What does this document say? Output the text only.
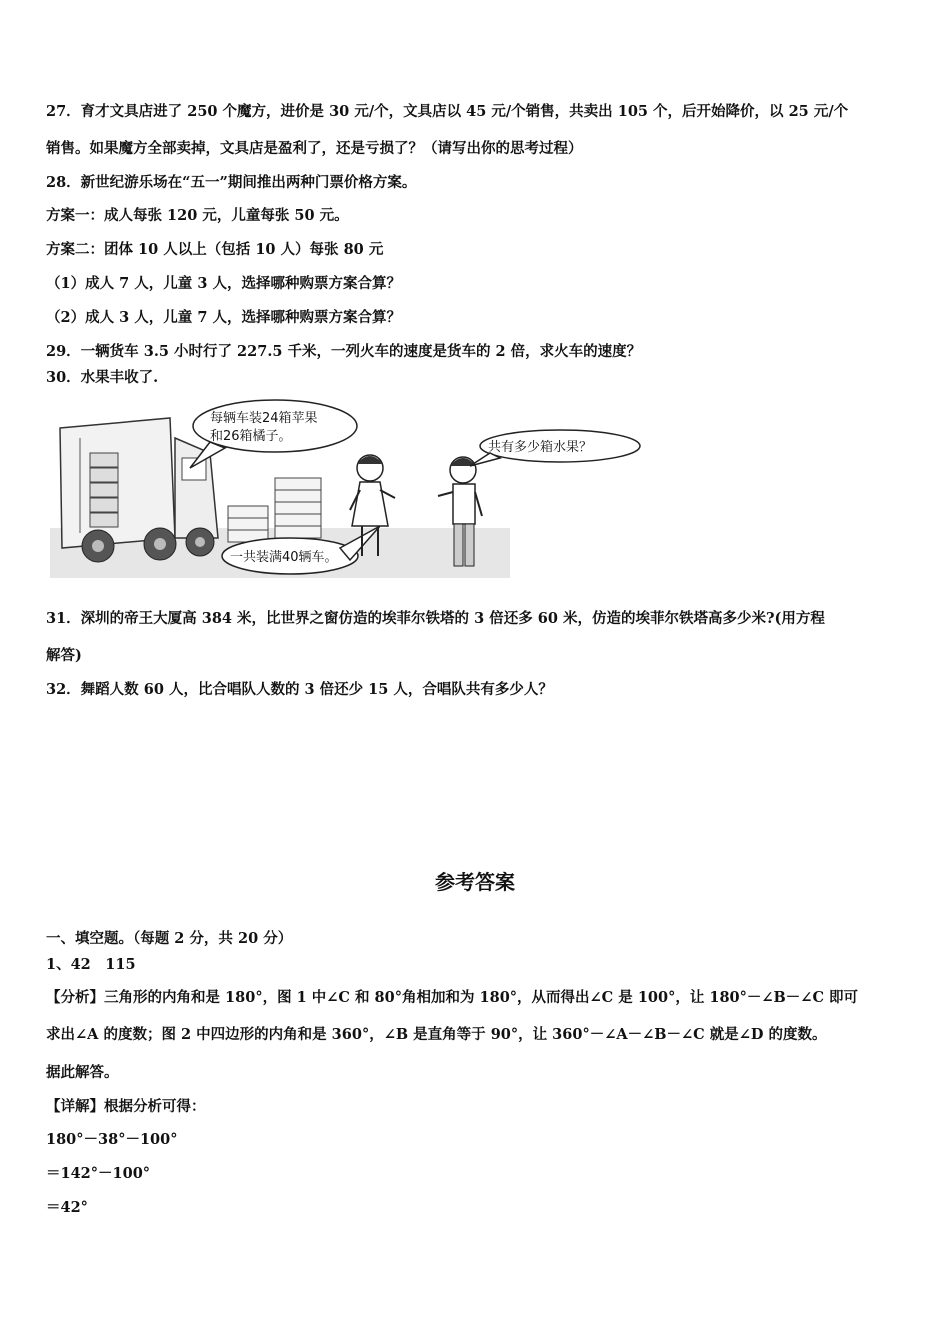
27．育才文具店进了 250 个魔方，进价是 30 元/个，文具店以 45 元/个销售，共卖出 105 个，后开始降价，以 25 元/个
销售。如果魔方全部卖掉，文具店是盈利了，还是亏损了？（请写出你的思考过程）
28．新世纪游乐场在“五一”期间推出两种门票价格方案。
方案一：成人每张 120 元，儿童每张 50 元。
方案二：团体 10 人以上（包括 10 人）每张 80 元
（1）成人 7 人，儿童 3 人，选择哪种购票方案合算？
（2）成人 3 人，儿童 7 人，选择哪种购票方案合算？
29．一辆货车 3.5 小时行了 227.5 千米，一列火车的速度是货车的 2 倍，求火车的速度？
30．水果丰收了.
每辆车装24箱苹果
和26箱橘子。
一共装满40辆车。
共有多少箱水果？
31．深圳的帝王大厦高 384 米，比世界之窗仿造的埃菲尔铁塔的 3 倍还多 60 米，仿造的埃菲尔铁塔高多少米?(用方程
解答)
32．舞蹈人数 60 人，比合唱队人数的 3 倍还少 15 人，合唱队共有多少人？
参考答案
一、填空题。（每题 2 分，共 20 分）
1、42　115
【分析】三角形的内角和是 180°，图 1 中∠C 和 80°角相加和为 180°，从而得出∠C 是 100°，让 180°－∠B－∠C 即可
求出∠A 的度数；图 2 中四边形的内角和是 360°，∠B 是直角等于 90°，让 360°－∠A－∠B－∠C 就是∠D 的度数。
据此解答。
【详解】根据分析可得：
180°－38°－100°
＝142°－100°
＝42°
